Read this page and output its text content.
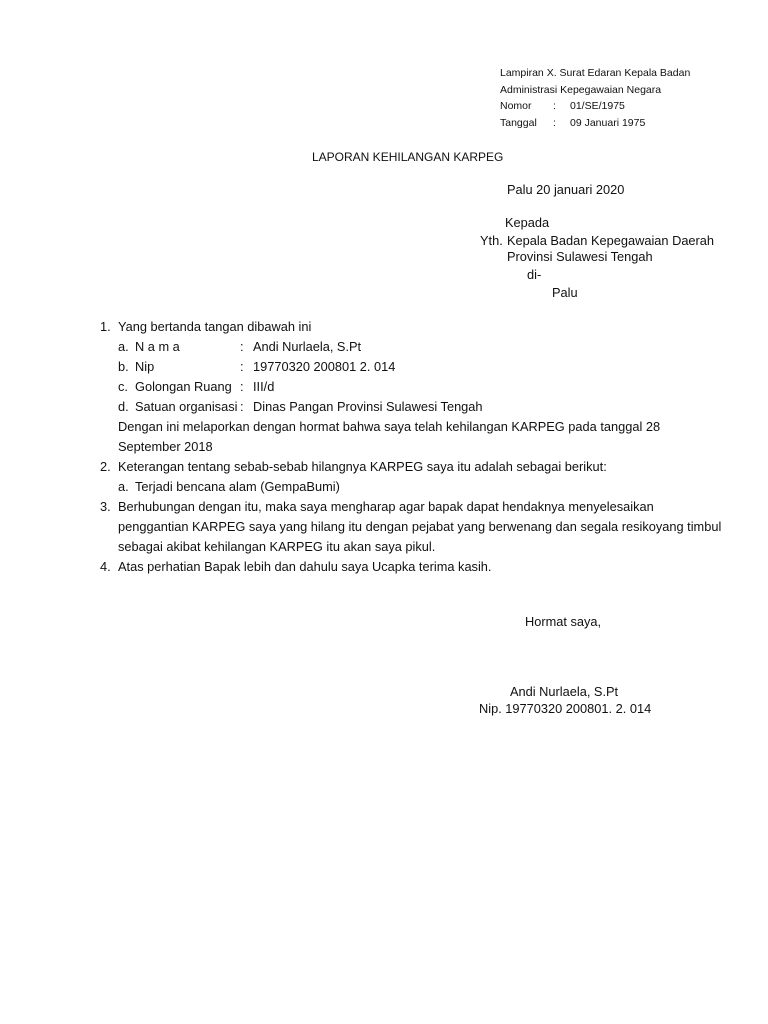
Lampiran X. Surat Edaran Kepala Badan
Administrasi Kepegawaian Negara
Nomor : 01/SE/1975
Tanggal : 09 Januari 1975
LAPORAN KEHILANGAN KARPEG
Palu 20 januari 2020
Kepada
Yth. Kepala Badan Kepegawaian Daerah
Provinsi Sulawesi Tengah
di-
Palu
1. Yang bertanda tangan dibawah ini
a. N a m a	: Andi Nurlaela, S.Pt
b. Nip	: 19770320 200801 2. 014
c. Golongan Ruang : III/d
d. Satuan organisasi : Dinas Pangan Provinsi Sulawesi Tengah
Dengan ini melaporkan dengan hormat bahwa saya telah kehilangan KARPEG pada tanggal 28
September 2018
2. Keterangan tentang sebab-sebab hilangnya KARPEG saya itu adalah sebagai berikut:
a. Terjadi bencana alam (GempaBumi)
3. Berhubungan dengan itu, maka saya mengharap agar bapak dapat hendaknya menyelesaikan
penggantian KARPEG saya yang hilang itu dengan pejabat yang berwenang dan segala resikoyang timbul
sebagai akibat kehilangan KARPEG itu akan saya pikul.
4. Atas perhatian Bapak lebih dan dahulu saya Ucapka terima kasih.
Hormat saya,
Andi Nurlaela, S.Pt
Nip. 19770320 200801. 2. 014
